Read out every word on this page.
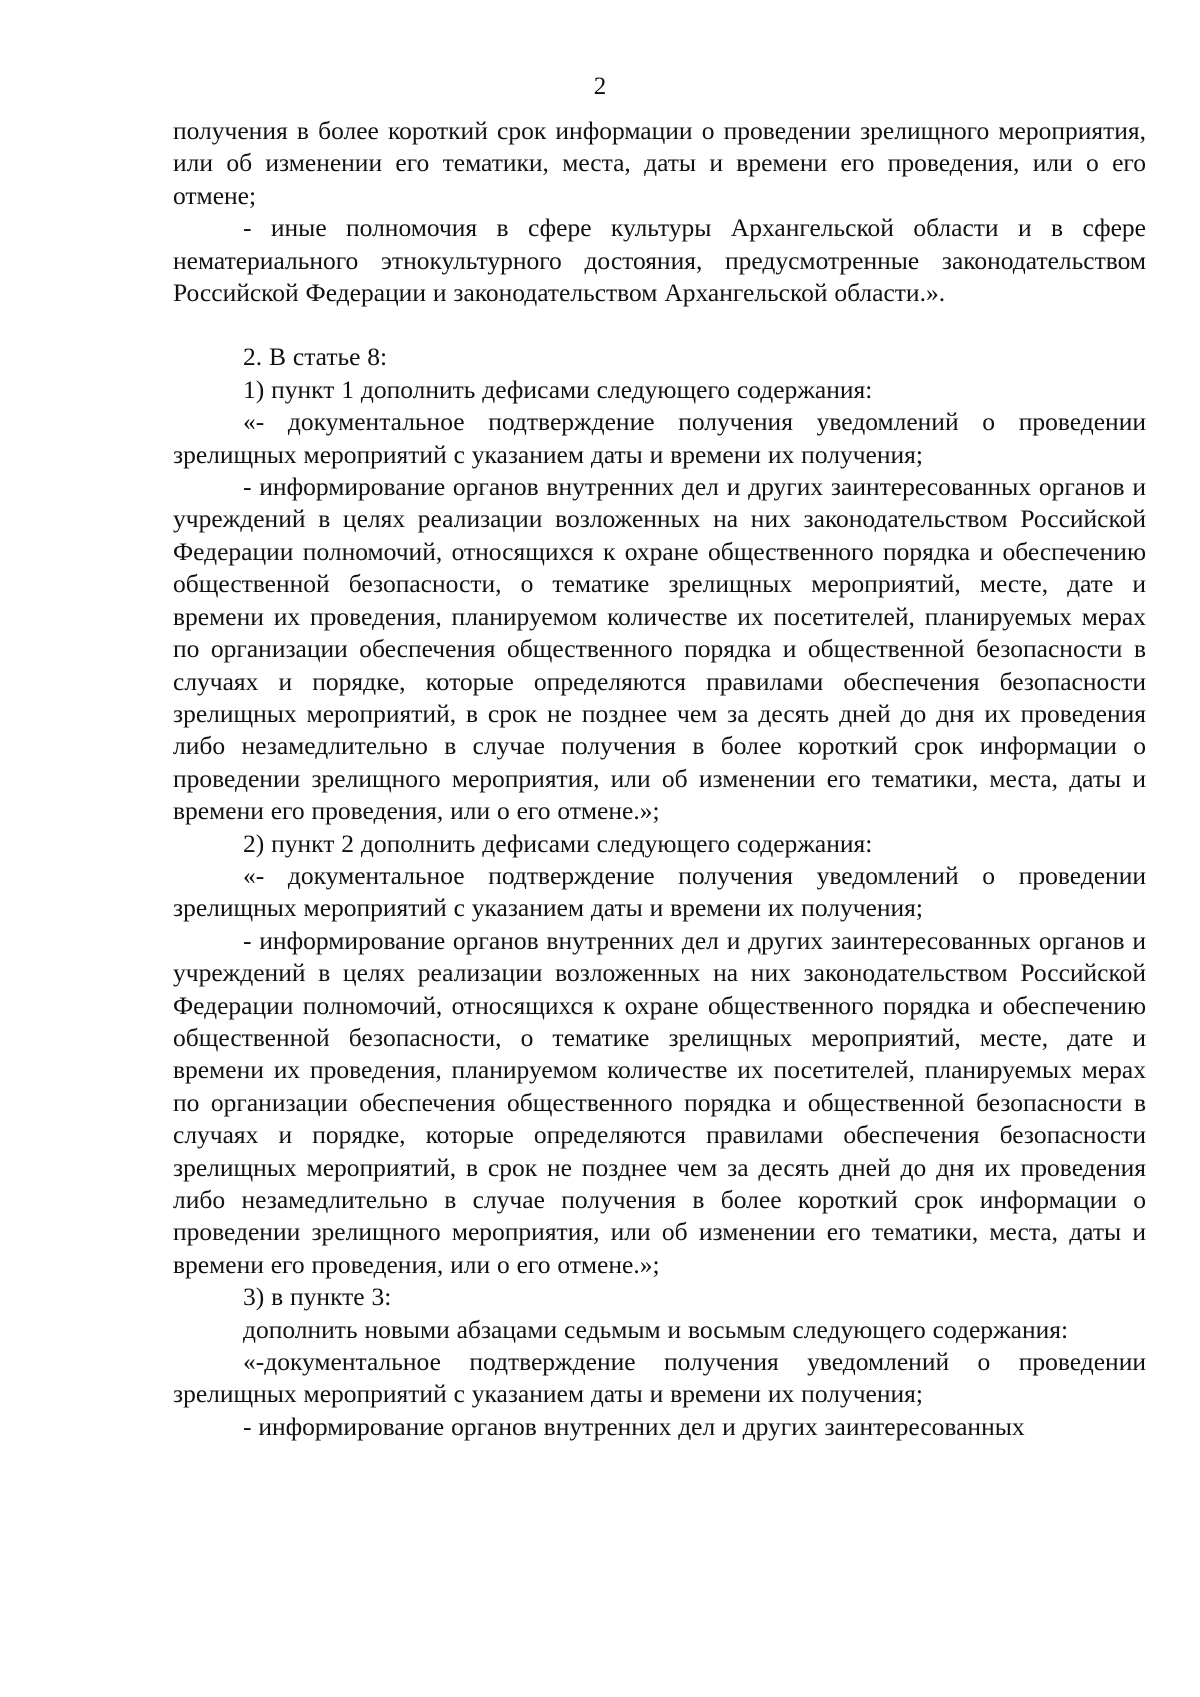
2

получения в более короткий срок информации о проведении зрелищного мероприятия, или об изменении его тематики, места, даты и времени его проведения, или о его отмене;

- иные полномочия в сфере культуры Архангельской области и в сфере нематериального этнокультурного достояния, предусмотренные законодательством Российской Федерации и законодательством Архангельской области.».

2. В статье 8:

1) пункт 1 дополнить дефисами следующего содержания:

«- документальное подтверждение получения уведомлений о проведении зрелищных мероприятий с указанием даты и времени их получения;

- информирование органов внутренних дел и других заинтересованных органов и учреждений в целях реализации возложенных на них законодательством Российской Федерации полномочий, относящихся к охране общественного порядка и обеспечению общественной безопасности, о тематике зрелищных мероприятий, месте, дате и времени их проведения, планируемом количестве их посетителей, планируемых мерах по организации обеспечения общественного порядка и общественной безопасности в случаях и порядке, которые определяются правилами обеспечения безопасности зрелищных мероприятий, в срок не позднее чем за десять дней до дня их проведения либо незамедлительно в случае получения в более короткий срок информации о проведении зрелищного мероприятия, или об изменении его тематики, места, даты и времени его проведения, или о его отмене.»;

2) пункт 2 дополнить дефисами следующего содержания:

«- документальное подтверждение получения уведомлений о проведении зрелищных мероприятий с указанием даты и времени их получения;

- информирование органов внутренних дел и других заинтересованных органов и учреждений в целях реализации возложенных на них законодательством Российской Федерации полномочий, относящихся к охране общественного порядка и обеспечению общественной безопасности, о тематике зрелищных мероприятий, месте, дате и времени их проведения, планируемом количестве их посетителей, планируемых мерах по организации обеспечения общественного порядка и общественной безопасности в случаях и порядке, которые определяются правилами обеспечения безопасности зрелищных мероприятий, в срок не позднее чем за десять дней до дня их проведения либо незамедлительно в случае получения в более короткий срок информации о проведении зрелищного мероприятия, или об изменении его тематики, места, даты и времени его проведения, или о его отмене.»;

3) в пункте 3:

дополнить новыми абзацами седьмым и восьмым следующего содержания:

«-документальное подтверждение получения уведомлений о проведении зрелищных мероприятий с указанием даты и времени их получения;

- информирование органов внутренних дел и других заинтересованных
